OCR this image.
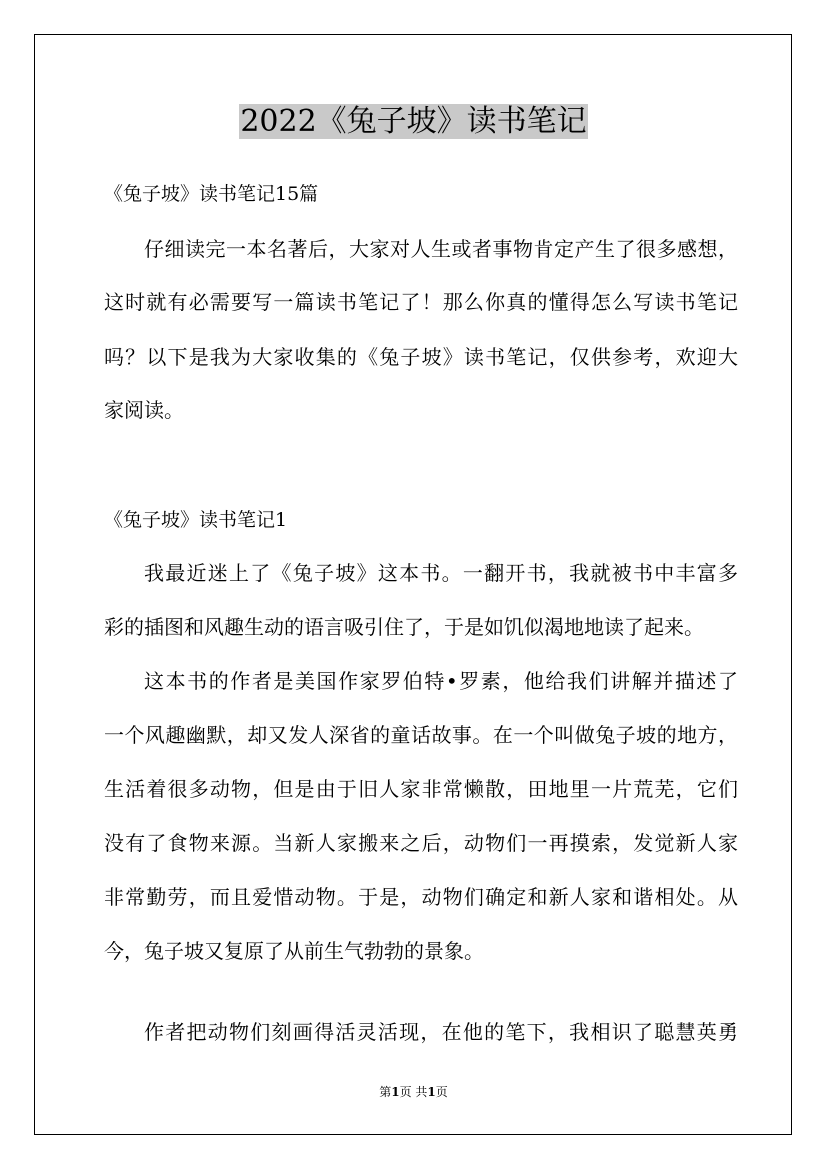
2022《兔子坡》读书笔记
《兔子坡》读书笔记15篇
仔细读完一本名著后，大家对人生或者事物肯定产生了很多感想，
这时就有必需要写一篇读书笔记了！那么你真的懂得怎么写读书笔记
吗？以下是我为大家收集的《兔子坡》读书笔记，仅供参考，欢迎大
家阅读。
《兔子坡》读书笔记1
我最近迷上了《兔子坡》这本书。一翻开书，我就被书中丰富多
彩的插图和风趣生动的语言吸引住了，于是如饥似渴地地读了起来。
这本书的作者是美国作家罗伯特•罗素，他给我们讲解并描述了
一个风趣幽默，却又发人深省的童话故事。在一个叫做兔子坡的地方，
生活着很多动物，但是由于旧人家非常懒散，田地里一片荒芜，它们
没有了食物来源。当新人家搬来之后，动物们一再摸索，发觉新人家
非常勤劳，而且爱惜动物。于是，动物们确定和新人家和谐相处。从
今，兔子坡又复原了从前生气勃勃的景象。
作者把动物们刻画得活灵活现，在他的笔下，我相识了聪慧英勇
第1页 共1页
